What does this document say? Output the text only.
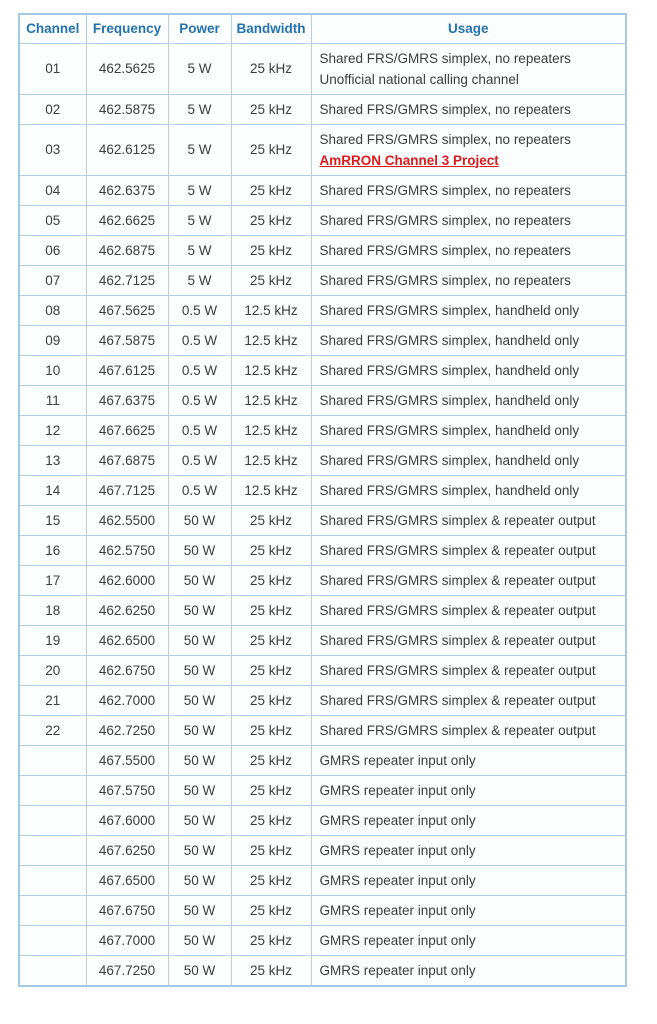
Channel	Frequency	Power	Bandwidth	Usage
01	462.5625	5 W	25 kHz	Shared FRS/GMRS simplex, no repeaters
Unofficial national calling channel

02	462.5875	5 W	25 kHz	Shared FRS/GMRS simplex, no repeaters

03	462.6125	5 W	25 kHz	Shared FRS/GMRS simplex, no repeaters
AmRRON Channel 3 Project

04	462.6375	5 W	25 kHz	Shared FRS/GMRS simplex, no repeaters

05	462.6625	5 W	25 kHz	Shared FRS/GMRS simplex, no repeaters

06	462.6875	5 W	25 kHz	Shared FRS/GMRS simplex, no repeaters

07	462.7125	5 W	25 kHz	Shared FRS/GMRS simplex, no repeaters

08	467.5625	0.5 W	12.5 kHz	Shared FRS/GMRS simplex, handheld only

09	467.5875	0.5 W	12.5 kHz	Shared FRS/GMRS simplex, handheld only

10	467.6125	0.5 W	12.5 kHz	Shared FRS/GMRS simplex, handheld only

11	467.6375	0.5 W	12.5 kHz	Shared FRS/GMRS simplex, handheld only

12	467.6625	0.5 W	12.5 kHz	Shared FRS/GMRS simplex, handheld only

13	467.6875	0.5 W	12.5 kHz	Shared FRS/GMRS simplex, handheld only

14	467.7125	0.5 W	12.5 kHz	Shared FRS/GMRS simplex, handheld only

15	462.5500	50 W	25 kHz	Shared FRS/GMRS simplex & repeater output

16	462.5750	50 W	25 kHz	Shared FRS/GMRS simplex & repeater output

17	462.6000	50 W	25 kHz	Shared FRS/GMRS simplex & repeater output

18	462.6250	50 W	25 kHz	Shared FRS/GMRS simplex & repeater output

19	462.6500	50 W	25 kHz	Shared FRS/GMRS simplex & repeater output

20	462.6750	50 W	25 kHz	Shared FRS/GMRS simplex & repeater output

21	462.7000	50 W	25 kHz	Shared FRS/GMRS simplex & repeater output

22	462.7250	50 W	25 kHz	Shared FRS/GMRS simplex & repeater output

	467.5500	50 W	25 kHz	GMRS repeater input only

	467.5750	50 W	25 kHz	GMRS repeater input only

	467.6000	50 W	25 kHz	GMRS repeater input only

	467.6250	50 W	25 kHz	GMRS repeater input only

	467.6500	50 W	25 kHz	GMRS repeater input only

	467.6750	50 W	25 kHz	GMRS repeater input only

	467.7000	50 W	25 kHz	GMRS repeater input only

	467.7250	50 W	25 kHz	GMRS repeater input only
